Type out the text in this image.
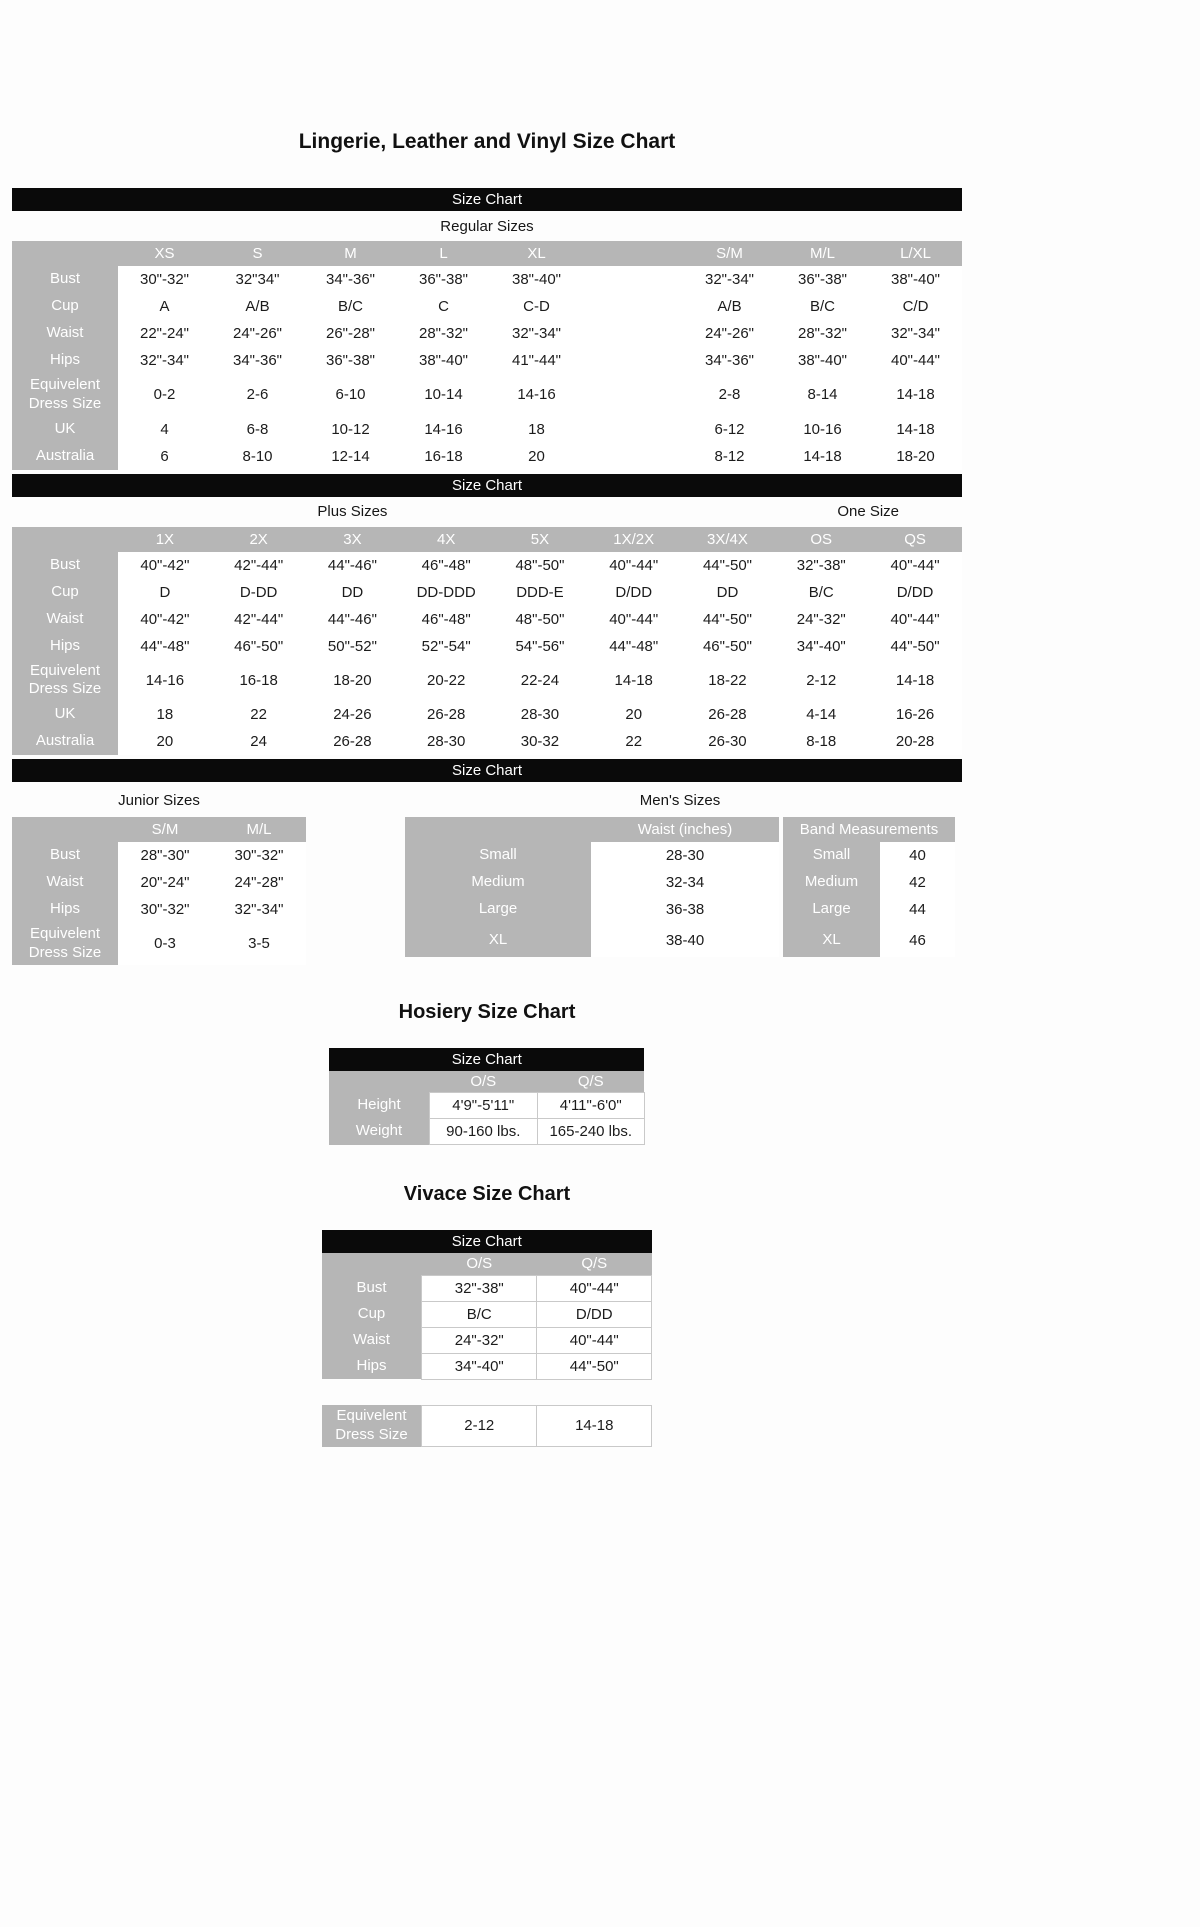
Lingerie, Leather and Vinyl Size Chart
Size Chart
Regular Sizes									
	XS	S	M	L	XL		S/M	M/L	L/XL
Bust	30"-32"	32"34"	34"-36"	36"-38"	38"-40"		32"-34"	36"-38"	38"-40"
Cup	A	A/B	B/C	C	C-D		A/B	B/C	C/D
Waist	22"-24"	24"-26"	26"-28"	28"-32"	32"-34"		24"-26"	28"-32"	32"-34"
Hips	32"-34"	34"-36"	36"-38"	38"-40"	41"-44"		34"-36"	38"-40"	40"-44"
Equivelent Dress Size	0-2	2-6	6-10	10-14	14-16		2-8	8-14	14-18
UK	4	6-8	10-12	14-16	18		6-12	10-16	14-18
Australia	6	8-10	12-14	16-18	20		8-12	14-18	18-20
Size Chart
	Plus Sizes							One Size	
	1X	2X	3X	4X	5X	1X/2X	3X/4X	OS	QS
Bust	40"-42"	42"-44"	44"-46"	46"-48"	48"-50"	40"-44"	44"-50"	32"-38"	40"-44"
Cup	D	D-DD	DD	DD-DDD	DDD-E	D/DD	DD	B/C	D/DD
Waist	40"-42"	42"-44"	44"-46"	46"-48"	48"-50"	40"-44"	44"-50"	24"-32"	40"-44"
Hips	44"-48"	46"-50"	50"-52"	52"-54"	54"-56"	44"-48"	46"-50"	34"-40"	44"-50"
Equivelent Dress Size	14-16	16-18	18-20	20-22	22-24	14-18	18-22	2-12	14-18
UK	18	22	24-26	26-28	28-30	20	26-28	4-14	16-26
Australia	20	24	26-28	28-30	30-32	22	26-30	8-18	20-28
Size Chart
Junior Sizes
	S/M	M/L
Bust	28"-30"	30"-32"
Waist	20"-24"	24"-28"
Hips	30"-32"	32"-34"
Equivelent Dress Size	0-3	3-5
Men's Sizes
	Waist (inches)	Band Measurements	
Small	28-30	Small	40
Medium	32-34	Medium	42
Large	36-38	Large	44
XL	38-40	XL	46
Hosiery Size Chart
Size Chart		
	O/S	Q/S
Height	4'9"-5'11"	4'11"-6'0"
Weight	90-160 lbs.	165-240 lbs.
Vivace Size Chart
Size Chart		
	O/S	Q/S
Bust	32"-38"	40"-44"
Cup	B/C	D/DD
Waist	24"-32"	40"-44"
Hips	34"-40"	44"-50"

Equivelent Dress Size	2-12	14-18
